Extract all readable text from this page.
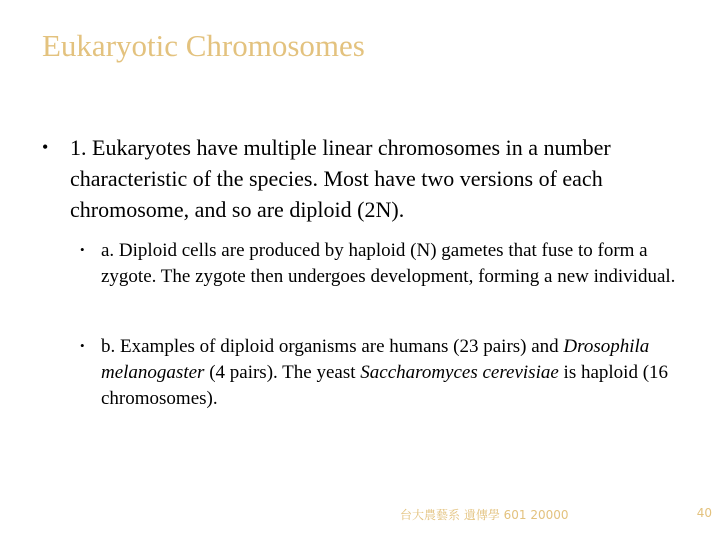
Eukaryotic Chromosomes
• 1. Eukaryotes have multiple linear chromosomes in a number characteristic of the species. Most have two versions of each chromosome, and so are diploid (2N).
• a. Diploid cells are produced by haploid (N) gametes that fuse to form a zygote. The zygote then undergoes development, forming a new individual.
• b. Examples of diploid organisms are humans (23 pairs) and Drosophila melanogaster (4 pairs). The yeast Saccharomyces cerevisiae is haploid (16 chromosomes).
台大農藝系 遺傳學 601 20000	40
